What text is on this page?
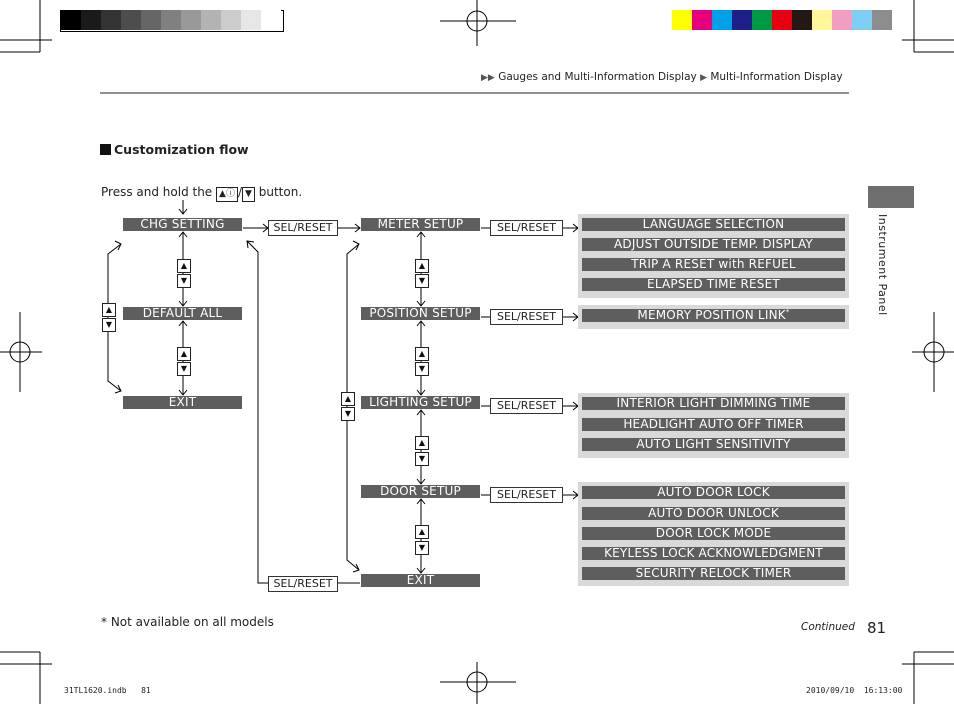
▶▶ Gauges and Multi-Information Display ▶ Multi-Information Display
Instrument Panel
Customization flow
Press and hold the ▲ⓘ / ▼ button.
CHG SETTING
DEFAULT ALL
EXIT
▲
▼
▲
▼
▲
▼
SEL/RESET
SEL/RESET
SEL/RESET
SEL/RESET
SEL/RESET
SEL/RESET
METER SETUP
POSITION SETUP
LIGHTING SETUP
DOOR SETUP
EXIT
▲
▼
▲
▼
▲
▼
▲
▼
▲
▼
LANGUAGE SELECTION
ADJUST OUTSIDE TEMP. DISPLAY
TRIP A RESET with REFUEL
ELAPSED TIME RESET
MEMORY POSITION LINK*
INTERIOR LIGHT DIMMING TIME
HEADLIGHT AUTO OFF TIMER
AUTO LIGHT SENSITIVITY
AUTO DOOR LOCK
AUTO DOOR UNLOCK
DOOR LOCK MODE
KEYLESS LOCK ACKNOWLEDGMENT
SECURITY RELOCK TIMER
* Not available on all models	Continued 81
31TL1620.indb 81	2010/09/10 16:13:00
